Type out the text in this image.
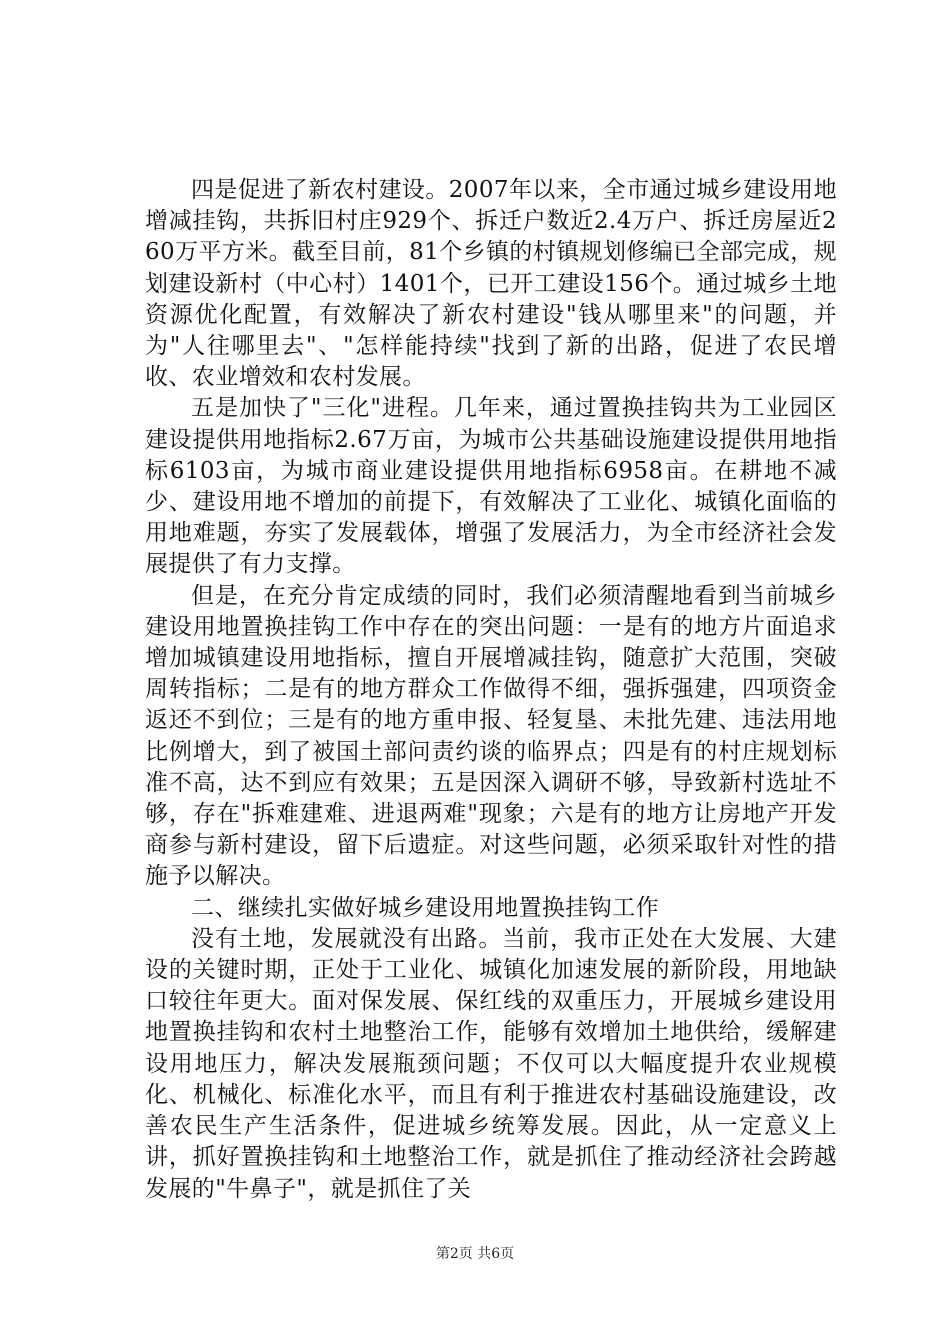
四是促进了新农村建设。2007年以来，全市通过城乡建设用地增减挂钩，共拆旧村庄929个、拆迁户数近2.4万户、拆迁房屋近260万平方米。截至目前，81个乡镇的村镇规划修编已全部完成，规划建设新村（中心村）1401个，已开工建设156个。通过城乡土地资源优化配置，有效解决了新农村建设"钱从哪里来"的问题，并为"人往哪里去"、"怎样能持续"找到了新的出路，促进了农民增收、农业增效和农村发展。

五是加快了"三化"进程。几年来，通过置换挂钩共为工业园区建设提供用地指标2.67万亩，为城市公共基础设施建设提供用地指标6103亩，为城市商业建设提供用地指标6958亩。在耕地不减少、建设用地不增加的前提下，有效解决了工业化、城镇化面临的用地难题，夯实了发展载体，增强了发展活力，为全市经济社会发展提供了有力支撑。

但是，在充分肯定成绩的同时，我们必须清醒地看到当前城乡建设用地置换挂钩工作中存在的突出问题：一是有的地方片面追求增加城镇建设用地指标，擅自开展增减挂钩，随意扩大范围，突破周转指标；二是有的地方群众工作做得不细，强拆强建，四项资金返还不到位；三是有的地方重申报、轻复垦、未批先建、违法用地比例增大，到了被国土部问责约谈的临界点；四是有的村庄规划标准不高，达不到应有效果；五是因深入调研不够，导致新村选址不够，存在"拆难建难、进退两难"现象；六是有的地方让房地产开发商参与新村建设，留下后遗症。对这些问题，必须采取针对性的措施予以解决。

二、继续扎实做好城乡建设用地置换挂钩工作

没有土地，发展就没有出路。当前，我市正处在大发展、大建设的关键时期，正处于工业化、城镇化加速发展的新阶段，用地缺口较往年更大。面对保发展、保红线的双重压力，开展城乡建设用地置换挂钩和农村土地整治工作，能够有效增加土地供给，缓解建设用地压力，解决发展瓶颈问题；不仅可以大幅度提升农业规模化、机械化、标准化水平，而且有利于推进农村基础设施建设，改善农民生产生活条件，促进城乡统筹发展。因此，从一定意义上讲，抓好置换挂钩和土地整治工作，就是抓住了推动经济社会跨越发展的"牛鼻子"，就是抓住了关

第2页 共6页
